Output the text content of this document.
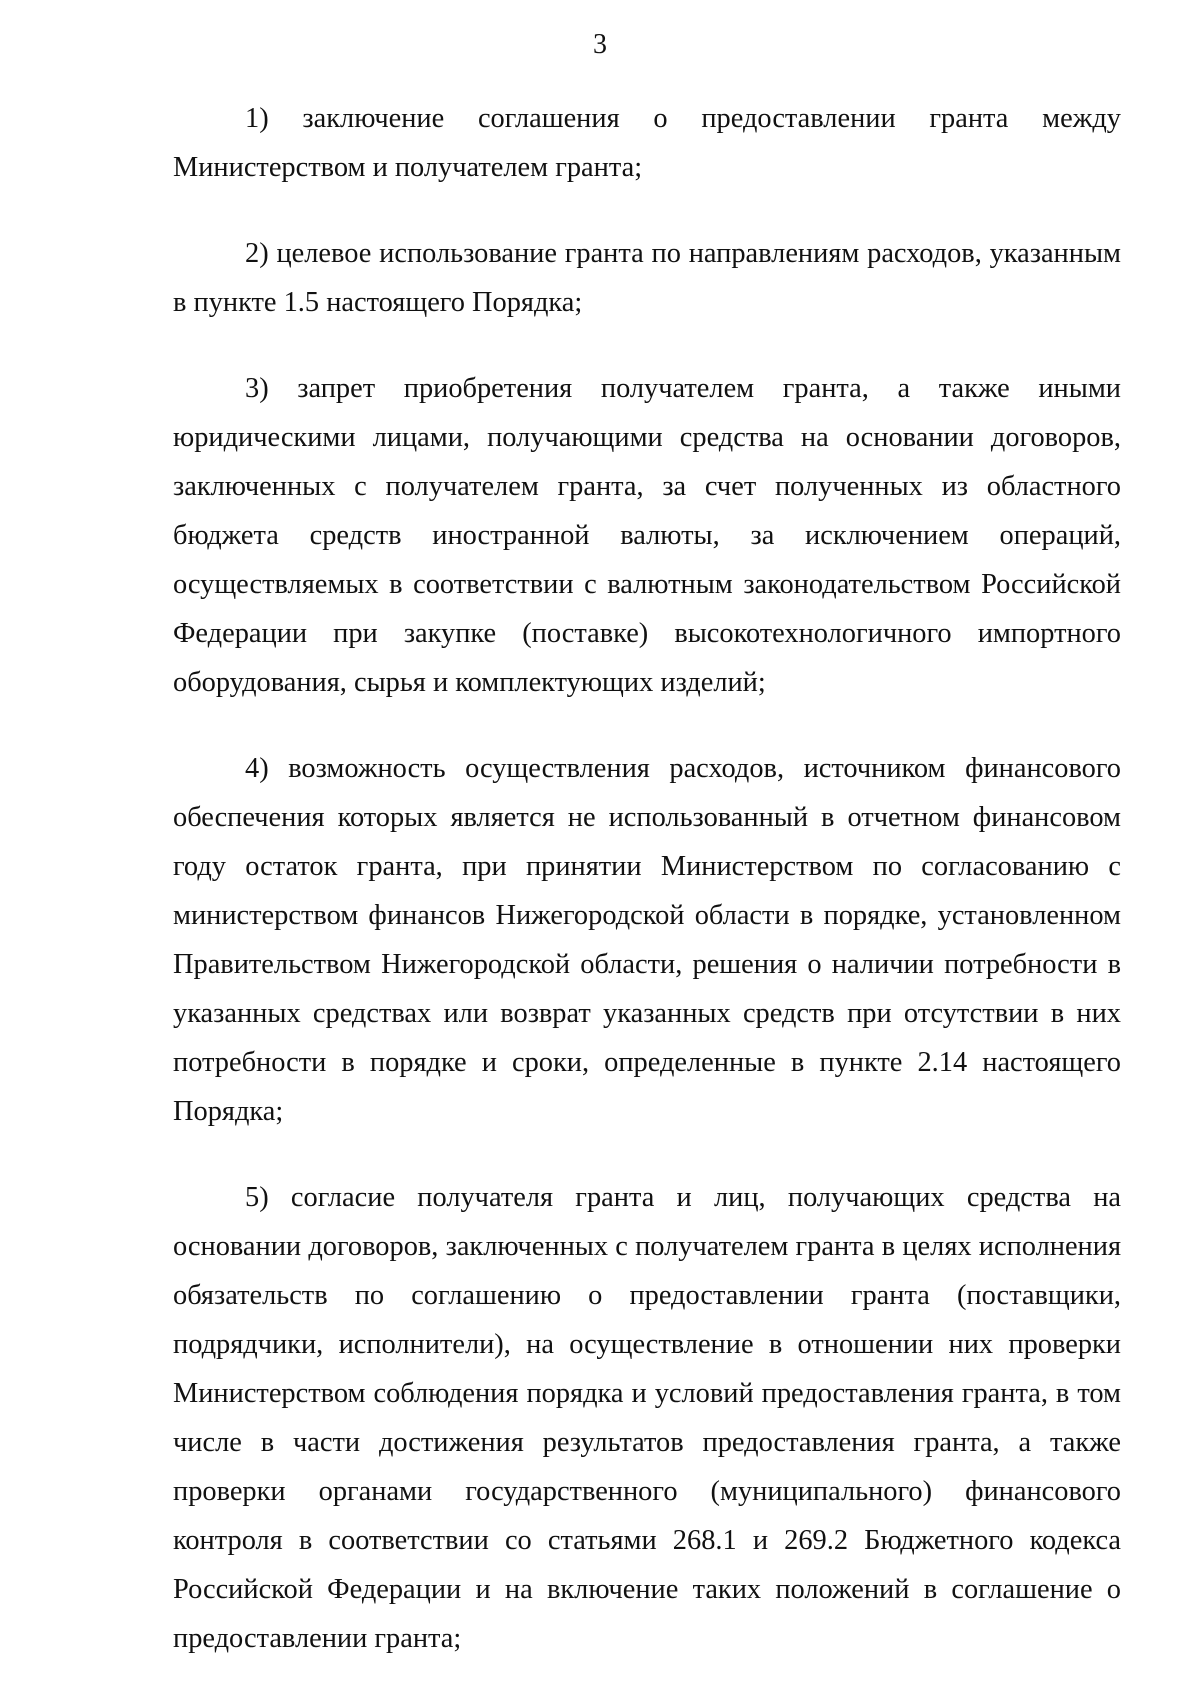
3

1) заключение соглашения о предоставлении гранта между Министерством и получателем гранта;

2) целевое использование гранта по направлениям расходов, указанным в пункте 1.5 настоящего Порядка;

3) запрет приобретения получателем гранта, а также иными юридическими лицами, получающими средства на основании договоров, заключенных с получателем гранта, за счет полученных из областного бюджета средств иностранной валюты, за исключением операций, осуществляемых в соответствии с валютным законодательством Российской Федерации при закупке (поставке) высокотехнологичного импортного оборудования, сырья и комплектующих изделий;

4) возможность осуществления расходов, источником финансового обеспечения которых является не использованный в отчетном финансовом году остаток гранта, при принятии Министерством по согласованию с министерством финансов Нижегородской области в порядке, установленном Правительством Нижегородской области, решения о наличии потребности в указанных средствах или возврат указанных средств при отсутствии в них потребности в порядке и сроки, определенные в пункте 2.14 настоящего Порядка;

5) согласие получателя гранта и лиц, получающих средства на основании договоров, заключенных с получателем гранта в целях исполнения обязательств по соглашению о предоставлении гранта (поставщики, подрядчики, исполнители), на осуществление в отношении них проверки Министерством соблюдения порядка и условий предоставления гранта, в том числе в части достижения результатов предоставления гранта, а также проверки органами государственного (муниципального) финансового контроля в соответствии со статьями 268.1 и 269.2 Бюджетного кодекса Российской Федерации и на включение таких положений в соглашение о предоставлении гранта;
